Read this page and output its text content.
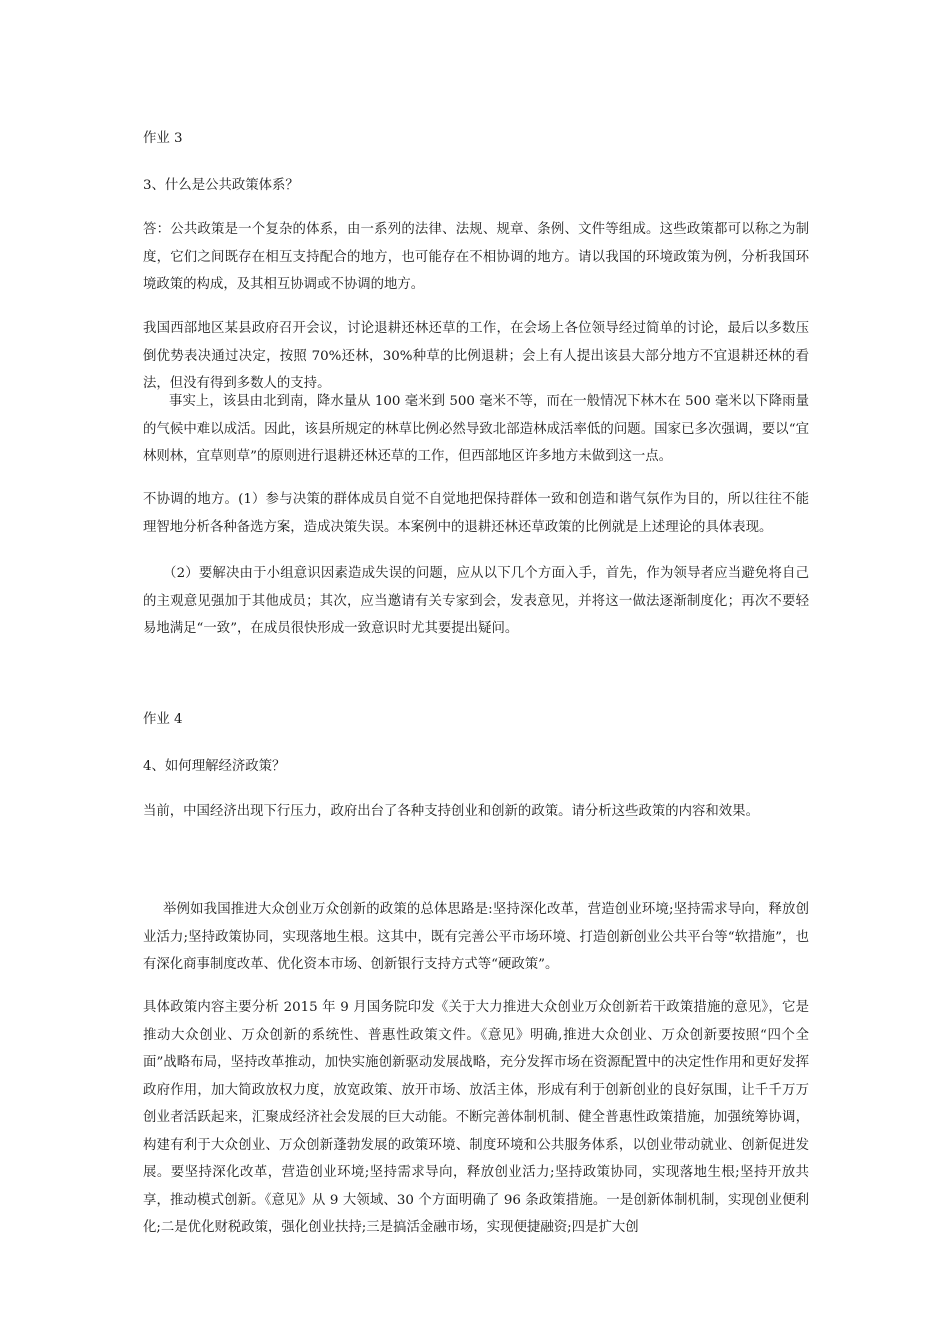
作业 3

3、什么是公共政策体系？

答：公共政策是一个复杂的体系，由一系列的法律、法规、规章、条例、文件等组成。这些政策都可以称之为制度，它们之间既存在相互支持配合的地方，也可能存在不相协调的地方。请以我国的环境政策为例，分析我国环境政策的构成，及其相互协调或不协调的地方。

我国西部地区某县政府召开会议，讨论退耕还林还草的工作，在会场上各位领导经过简单的讨论，最后以多数压倒优势表决通过决定，按照 70%还林，30%种草的比例退耕；会上有人提出该县大部分地方不宜退耕还林的看法，但没有得到多数人的支持。

事实上，该县由北到南，降水量从 100 毫米到 500 毫米不等，而在一般情况下林木在 500 毫米以下降雨量的气候中难以成活。因此，该县所规定的林草比例必然导致北部造林成活率低的问题。国家已多次强调，要以“宜林则林，宜草则草”的原则进行退耕还林还草的工作，但西部地区许多地方未做到这一点。

不协调的地方。(1）参与决策的群体成员自觉不自觉地把保持群体一致和创造和谐气氛作为目的，所以往往不能理智地分析各种备选方案，造成决策失误。本案例中的退耕还林还草政策的比例就是上述理论的具体表现。

（2）要解决由于小组意识因素造成失误的问题，应从以下几个方面入手，首先，作为领导者应当避免将自己的主观意见强加于其他成员；其次，应当邀请有关专家到会，发表意见，并将这一做法逐渐制度化；再次不要轻易地满足“一致”，在成员很快形成一致意识时尤其要提出疑问。

作业 4

4、如何理解经济政策？

当前，中国经济出现下行压力，政府出台了各种支持创业和创新的政策。请分析这些政策的内容和效果。

举例如我国推进大众创业万众创新的政策的总体思路是:坚持深化改革，营造创业环境;坚持需求导向，释放创业活力;坚持政策协同，实现落地生根。这其中，既有完善公平市场环境、打造创新创业公共平台等“软措施”，也有深化商事制度改革、优化资本市场、创新银行支持方式等“硬政策”。

具体政策内容主要分析 2015 年 9 月国务院印发《关于大力推进大众创业万众创新若干政策措施的意见》，它是推动大众创业、万众创新的系统性、普惠性政策文件。《意见》明确,推进大众创业、万众创新要按照“四个全面”战略布局，坚持改革推动，加快实施创新驱动发展战略，充分发挥市场在资源配置中的决定性作用和更好发挥政府作用，加大简政放权力度，放宽政策、放开市场、放活主体，形成有利于创新创业的良好氛围，让千千万万创业者活跃起来，汇聚成经济社会发展的巨大动能。不断完善体制机制、健全普惠性政策措施，加强统筹协调，构建有利于大众创业、万众创新蓬勃发展的政策环境、制度环境和公共服务体系，以创业带动就业、创新促进发展。要坚持深化改革，营造创业环境;坚持需求导向，释放创业活力;坚持政策协同，实现落地生根;坚持开放共享，推动模式创新。《意见》从 9 大领域、30 个方面明确了 96 条政策措施。一是创新体制机制，实现创业便利化;二是优化财税政策，强化创业扶持;三是搞活金融市场，实现便捷融资;四是扩大创
